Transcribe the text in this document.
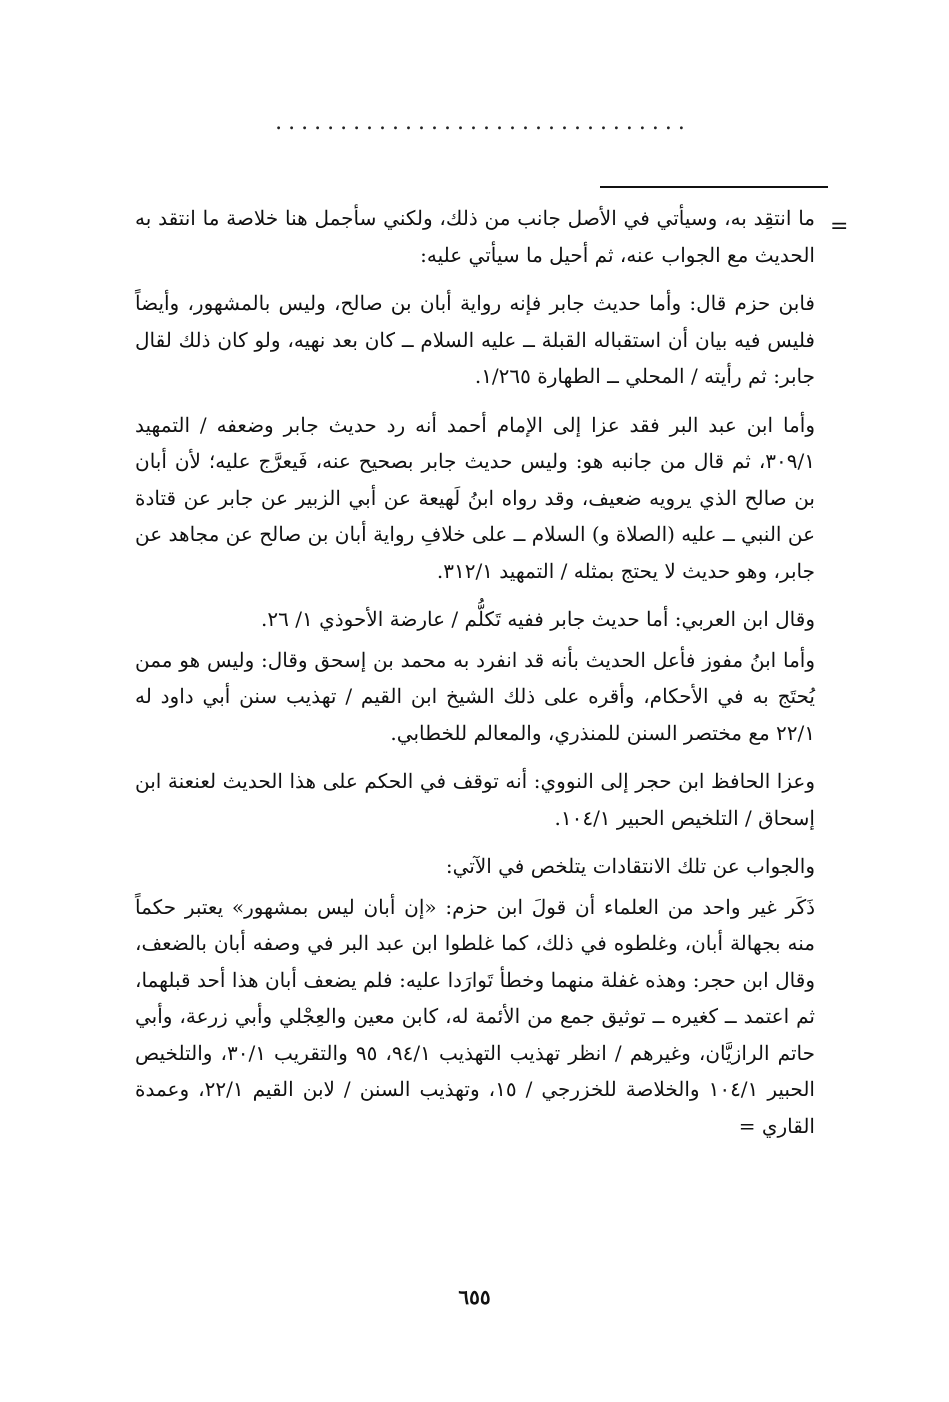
................................
=

ما انتقِد به، وسيأتي في الأصل جانب من ذلك، ولكني سأجمل هنا خلاصة ما انتقد به الحديث مع الجواب عنه، ثم أحيل ما سيأتي عليه:

فابن حزم قال: وأما حديث جابر فإنه رواية أبان بن صالح، وليس بالمشهور، وأيضاً فليس فيه بيان أن استقباله القبلة ــ عليه السلام ــ كان بعد نهيه، ولو كان ذلك لقال جابر: ثم رأيته / المحلي ــ الطهارة ١/٢٦٥.

وأما ابن عبد البر فقد عزا إلى الإمام أحمد أنه رد حديث جابر وضعفه / التمهيد ٣٠٩/١، ثم قال من جانبه هو: وليس حديث جابر بصحيح عنه، فَيعرَّج عليه؛ لأن أبان بن صالح الذي يرويه ضعيف، وقد رواه ابنُ لَهيعة عن أبي الزبير عن جابر عن قتادة عن النبي ــ عليه (الصلاة و) السلام ــ على خلافِ رواية أبان بن صالح عن مجاهد عن جابر، وهو حديث لا يحتج بمثله / التمهيد ٣١٢/١.

وقال ابن العربي: أما حديث جابر ففيه تَكلُّم / عارضة الأحوذي ١/ ٢٦.

وأما ابنُ مفوز فأعل الحديث بأنه قد انفرد به محمد بن إسحق وقال: وليس هو ممن يُحتَج به في الأحكام، وأقره على ذلك الشيخ ابن القيم / تهذيب سنن أبي داود له ٢٢/١ مع مختصر السنن للمنذري، والمعالم للخطابي.

وعزا الحافظ ابن حجر إلى النووي: أنه توقف في الحكم على هذا الحديث لعنعنة ابن إسحاق / التلخيص الحبير ١٠٤/١.

والجواب عن تلك الانتقادات يتلخص في الآتي:

ذَكَر غير واحد من العلماء أن قولَ ابن حزم: «إن أبان ليس بمشهور» يعتبر حكماً منه بجهالة أبان، وغلطوه في ذلك، كما غلطوا ابن عبد البر في وصفه أبان بالضعف، وقال ابن حجر: وهذه غفلة منهما وخطأ تَوارَدا عليه: فلم يضعف أبان هذا أحد قبلهما، ثم اعتمد ــ كغيره ــ توثيق جمع من الأئمة له، كابن معين والعِجْلي وأبي زرعة، وأبي حاتم الرازيَّان، وغيرهم / انظر تهذيب التهذيب ٩٤/١، ٩٥ والتقريب ٣٠/١، والتلخيص الحبير ١٠٤/١ والخلاصة للخزرجي / ١٥، وتهذيب السنن / لابن القيم ٢٢/١، وعمدة القاري =

٦٥٥
